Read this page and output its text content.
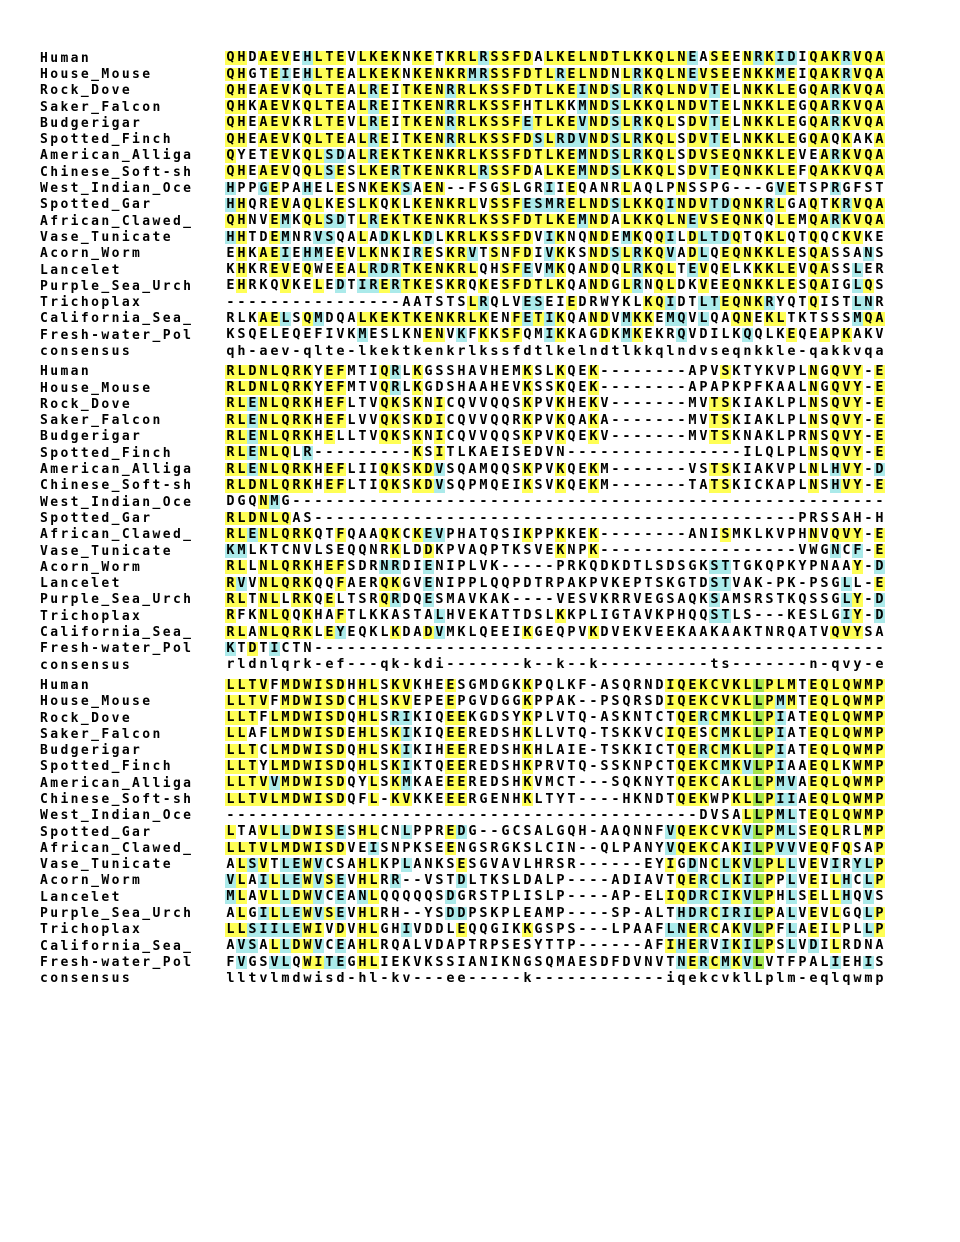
Human	Q H D A E V E H L T E V L K E K N K E T K R L R S S F D A L K E L N D T L K K Q L N E A S E E N R K I D I Q A K R V Q A
House_Mouse	Q H G T E I E H L T E A L K E K N K E N K R M R S S F D T L R E L N D N L R K Q L N E V S E E N K K M E I Q A K R V Q A
Rock_Dove	Q H E A E V K Q L T E A L R E I T K E N R R L K S S F D T L K E I N D S L R K Q L N D V T E L N K K L E G Q A R K V Q A
Saker_Falcon	Q H K A E V K Q L T E A L R E I T K E N R R L K S S F H T L K K M N D S L K K Q L N D V T E L N K K L E G Q A R K V Q A
Budgerigar	Q H E A E V K R L T E V L R E I T K E N R R L K S S F E T L K E V N D S L R K Q L S D V T E L N K K L E G Q A R K V Q A
Spotted_Finch	Q H E A E V K Q L T E A L R E I T K E N R R L K S S F D S L R D V N D S L R K Q L S D V T E L N K K L E G Q A Q K A K A
American_Alliga	Q Y E T E V K Q L S D A L R E K T K E N K R L K S S F D T L K E M N D S L R K Q L S D V S E Q N K K L E V E A R K V Q A
Chinese_Soft-sh	Q H E A E V Q Q L S E S L K E R T K E N K R L R S S F D A L K E M N D S L K K Q L S D V T E Q N K K L E F Q A K K V Q A
West_Indian_Oce	H P P G E P A H E L E S N K E K S A E N - - F S G S L G R I I E Q A N R L A Q L P N S S P G - - - G V E T S P R G F S T
Spotted_Gar	H H Q R E V A Q L K E S L K Q K L K E N K R L V S S F E S M R E L N D S L K K Q I N D V T D Q N K R L G A Q T K R V Q A
African_Clawed_	Q H N V E M K Q L S D T L R E K T K E N K R L K S S F D T L K E M N D A L K K Q L N E V S E Q N K Q L E M Q A R K V Q A
Vase_Tunicate	H H T D E M N R V S Q A L A D K L K D L K R L K S S F D V I K N Q N D E M K Q Q I L D L T D Q T Q K L Q T Q Q C K V K E
Acorn_Worm	E H K A E I E H M E E V L K N K I R E S K R V T S N F D I V K K S N D S L R K Q V A D L Q E Q N K K L E S Q A S S A N S
Lancelet	K H K R E V E Q W E E A L R D R T K E N K R L Q H S F E V M K Q A N D Q L R K Q L T E V Q E L K K K L E V Q A S S L E R
Purple_Sea_Urch	E H R K Q V K E L E D T I R E R T K E S K R Q K E S F D T L K Q A N D G L R N Q L D K V E E Q N K K L E S Q A I G L Q S
Trichoplax	- - - - - - - - - - - - - - - - A A T S T S L R Q L V E S E I E D R W Y K L K Q I D T L T E Q N K R Y Q T Q I S T L N R
California_Sea_	R L K A E L S Q M D Q A L K E K T K E N K R L K E N F E T I K Q A N D V M K K E M Q V L Q A Q N E K L T K T S S S M Q A
Fresh-water_Pol	K S Q E L E Q E F I V K M E S L K N E N V K F K K S F Q M I K K A G D K M K E K R Q V D I L K Q Q L K E Q E A P K A K V
consensus	q h - a e v - q l t e - l k e k t k e n k r l k s s f d t l k e l n d t l k k q l n d v s e q n k k l e - q a k k v q a
Human	R L D N L Q R K Y E F M T I Q R L K G S S H A V H E M K S L K Q E K - - - - - - - - A P V S K T Y K V P L N G Q V Y - E
House_Mouse	R L D N L Q R K Y E F M T V Q R L K G D S H A A H E V K S S K Q E K - - - - - - - - A P A P K P F K A A L N G Q V Y - E
Rock_Dove	R L E N L Q R K H E F L T V Q K S K N I C Q V V Q Q S K P V K H E K V - - - - - - - M V T S K I A K L P L N S Q V Y - E
Saker_Falcon	R L E N L Q R K H E F L V V Q K S K D I C Q V V Q Q R K P V K Q A K A - - - - - - - M V T S K I A K L P L N S Q V Y - E
Budgerigar	R L E N L Q R K H E L L T V Q K S K N I C Q V V Q Q S K P V K Q E K V - - - - - - - M V T S K N A K L P R N S Q V Y - E
Spotted_Finch	R L E N L Q L R - - - - - - - - - K S I T L K A E I S E D V N - - - - - - - - - - - - - - - - I L Q L P L N S Q V Y - E
American_Alliga	R L E N L Q R K H E F L I I Q K S K D V S Q A M Q Q S K P V K Q E K M - - - - - - - V S T S K I A K V P L N L H V Y - D
Chinese_Soft-sh	R L D N L Q R K H E F L T I Q K S K D V S Q P M Q E I K S V K Q E K M - - - - - - - T A T S K I C K A P L N S H V Y - E
West_Indian_Oce	D G Q N M G - - - - - - - - - - - - - - - - - - - - - - - - - - - - - - - - - - - - - - - - - - - - - - - - - - - - - -
Spotted_Gar	R L D N L Q A S - - - - - - - - - - - - - - - - - - - - - - - - - - - - - - - - - - - - - - - - - - - - P R S S A H - H
African_Clawed_	R L E N L Q R K Q T F Q A A Q K C K E V P H A T Q S I K P P K K E K - - - - - - - - A N I S M K L K V P H N V Q V Y - E
Vase_Tunicate	K M L K T C N V L S E Q Q N R K L D D K P V A Q P T K S V E K N P K - - - - - - - - - - - - - - - - - - V W G N C F - E
Acorn_Worm	R L L N L Q R K H E F S D R N R D I E N I P L V K - - - - - P R K Q D K D T L S D S G K S T T G K Q P K Y P N A A Y - D
Lancelet	R V V N L Q R K Q Q F A E R Q K G V E N I P P L Q Q P D T R P A K P V K E P T S K G T D S T V A K - P K - P S G L L - E
Purple_Sea_Urch	R L T N L L R K Q E L T S R Q R D Q E S M A V K A K - - - - V E S V K R R V E G S A Q K S A M S R S T K Q S S G L Y - D
Trichoplax	R F K N L Q Q K H A F T L K K A S T A L H V E K A T T D S L K K P L I G T A V K P H Q Q S T L S - - - K E S L G I Y - D
California_Sea_	R L A N L Q R K L E Y E Q K L K D A D V M K L Q E E I K G E Q P V K D V E K V E E K A A K A A K T N R Q A T V Q V Y S A
Fresh-water_Pol	K T D T I C T N - - - - - - - - - - - - - - - - - - - - - - - - - - - - - - - - - - - - - - - - - - - - - - - - - - - -
consensus	r l d n l q r k - e f - - - q k - k d i - - - - - - - k - - k - - k - - - - - - - - - - t s - - - - - - - n - q v y - e
Human	L L T V F M D W I S D H H L S K V K H E E S G M D G K K P Q L K F - A S Q R N D I Q E K C V K L L P L M T E Q L Q W M P
House_Mouse	L L T V F M D W I S D C H L S K V E P E E P G V D G G K P P A K - - P S Q R S D I Q E K C V K L L P M M T E Q L Q W M P
Rock_Dove	L L T F L M D W I S D Q H L S R I K I Q E E K G D S Y K P L V T Q - A S K N T C T Q E R C M K L L P I A T E Q L Q W M P
Saker_Falcon	L L A F L M D W I S D E H L S K I K I Q E E R E D S H K L L V T Q - T S K K V C I Q E S C M K L L P I A T E Q L Q W M P
Budgerigar	L L T C L M D W I S D Q H L S K I K I H E E R E D S H K H L A I E - T S K K I C T Q E R C M K L L P I A T E Q L Q W M P
Spotted_Finch	L L T Y L M D W I S D Q H L S K I K T Q E E R E D S H K P R V T Q - S S K N P C T Q E K C M K V L P I A A E Q L K W M P
American_Alliga	L L T V V M D W I S D Q Y L S K M K A E E E R E D S H K V M C T - - - S Q K N Y T Q E K C A K L L P M V A E Q L Q W M P
Chinese_Soft-sh	L L T V L M D W I S D Q F L - K V K K E E E R G E N H K L T Y T - - - - H K N D T Q E K W P K L L P I I A E Q L Q W M P
West_Indian_Oce	- - - - - - - - - - - - - - - - - - - - - - - - - - - - - - - - - - - - - - - - - - - D V S A L L P M L T E Q L Q W M P
Spotted_Gar	L T A V L L D W I S E S H L C N L P P R E D G - - G C S A L G Q H - A A Q N N F V Q E K C V K V L P M L S E Q L R L M P
African_Clawed_	L L T V L M D W I S D V E I S N P K S E E N G S R G K S L C I N - - Q L P A N Y V Q E K C A K I L P V V V E Q F Q S A P
Vase_Tunicate	A L S V T L E W V C S A H L K P L A N K S E S G V A V L H R S R - - - - - - E Y I G D N C L K V L P L L V E V I R Y L P
Acorn_Worm	V L A I L L E W V S E V H L R R - - V S T D L T K S L D A L P - - - - A D I A V T Q E R C L K I L P P L V E I L H C L P
Lancelet	M L A V L L D W V C E A N L Q Q Q Q Q S D G R S T P L I S L P - - - - A P - E L I Q D R C I K V L P H L S E L L H Q V S
Purple_Sea_Urch	A L G I L L E W V S E V H L R H - - Y S D D P S K P L E A M P - - - - S P - A L T H D R C I R I L P A L V E V L G Q L P
Trichoplax	L L S I I L E W I V D V H L G H I V D D L E Q Q G I K K G S P S - - - L P A A F L N E R C A K V L P F L A E I L P L L P
California_Sea_	A V S A L L D W V C E A H L R Q A L V D A P T R P S E S Y T T P - - - - - - A F I H E R V I K I L P S L V D I L R D N A
Fresh-water_Pol	F V G S V L Q W I T E G H L I E K V K S S I A N I K N G S Q M A E S D F D V N V T N E R C M K V L V T F P A L I E H I S
consensus	l l t v l m d w i s d - h l - k v - - - e e - - - - - k - - - - - - - - - - - - i q e k c v k l L p l m - e q l q w m p
